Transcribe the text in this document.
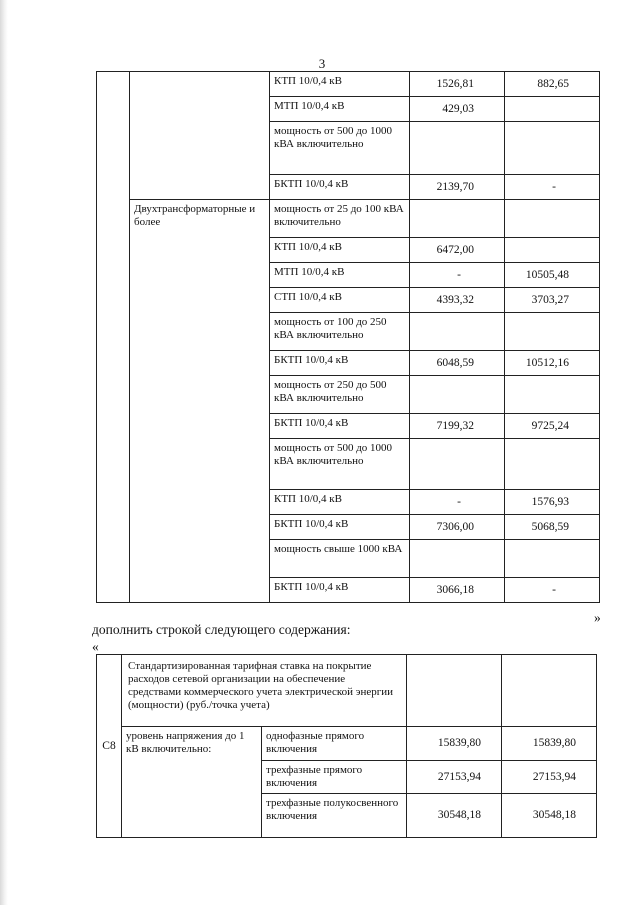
3
		КТП 10/0,4 кВ	1526,81	882,65
		МТП 10/0,4 кВ	429,03	
		мощность от 500 до 1000 кВА включительно		
		БКТП 10/0,4 кВ	2139,70	-
	Двухтрансформаторные и более	мощность от 25 до 100 кВА включительно		
		КТП 10/0,4 кВ	6472,00	
		МТП 10/0,4 кВ	-	10505,48
		СТП 10/0,4 кВ	4393,32	3703,27
		мощность от 100 до 250 кВА включительно		
		БКТП 10/0,4 кВ	6048,59	10512,16
		мощность от 250 до 500 кВА включительно		
		БКТП 10/0,4 кВ	7199,32	9725,24
		мощность от 500 до 1000 кВА включительно		
		КТП 10/0,4 кВ	-	1576,93
		БКТП 10/0,4 кВ	7306,00	5068,59
		мощность свыше 1000 кВА		
		БКТП 10/0,4 кВ	3066,18	-
»
дополнить строкой следующего содержания:
«
С8	Стандартизированная тарифная ставка на покрытие расходов сетевой организации на обеспечение средствами коммерческого учета электрической энергии (мощности) (руб./точка учета)			
	уровень напряжения до 1 кВ включительно:	однофазные прямого включения	15839,80	15839,80
		трехфазные прямого включения	27153,94	27153,94
		трехфазные полукосвенного включения	30548,18	30548,18
